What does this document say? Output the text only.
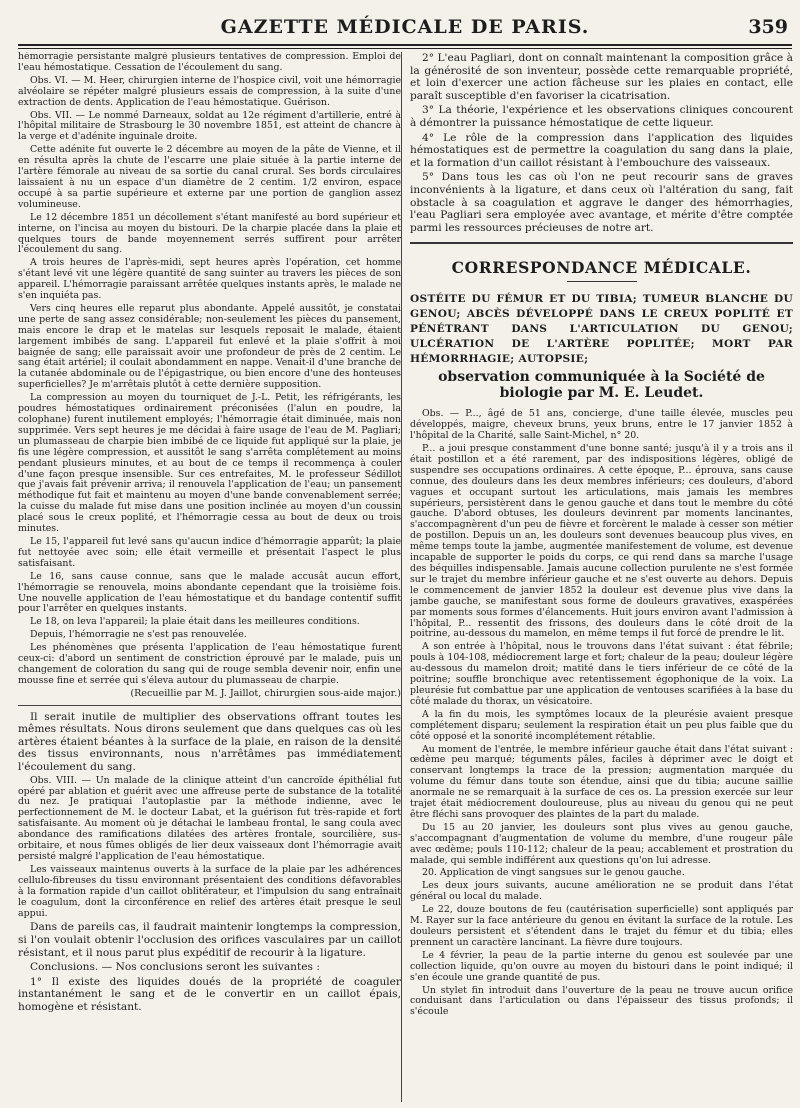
GAZETTE MÉDICALE DE PARIS.	359

hémorragie persistante malgré plusieurs tentatives de compression. Emploi de l'eau hémostatique. Cessation de l'écoulement du sang.

Obs. VI. — M. Heer, chirurgien interne de l'hospice civil, voit une hémorragie alvéolaire se répéter malgré plusieurs essais de compression, à la suite d'une extraction de dents. Application de l'eau hémostatique. Guérison.

Obs. VII. — Le nommé Darneaux, soldat au 12e régiment d'artillerie, entré à l'hôpital militaire de Strasbourg le 30 novembre 1851, est atteint de chancre à la verge et d'adénite inguinale droite.

Cette adénite fut ouverte le 2 décembre au moyen de la pâte de Vienne, et il en résulta après la chute de l'escarre une plaie située à la partie interne de l'artère fémorale au niveau de sa sortie du canal crural. Ses bords circulaires laissaient à nu un espace d'un diamètre de 2 centim. 1/2 environ, espace occupé à sa partie supérieure et externe par une portion de ganglion assez volumineuse.

Le 12 décembre 1851 un décollement s'étant manifesté au bord supérieur et interne, on l'incisa au moyen du bistouri. De la charpie placée dans la plaie et quelques tours de bande moyennement serrés suffirent pour arrêter l'écoulement du sang.

A trois heures de l'après-midi, sept heures après l'opération, cet homme s'étant levé vit une légère quantité de sang suinter au travers les pièces de son appareil. L'hémorragie paraissant arrêtée quelques instants après, le malade ne s'en inquiéta pas.

Vers cinq heures elle reparut plus abondante. Appelé aussitôt, je constatai une perte de sang assez considérable; non-seulement les pièces du pansement, mais encore le drap et le matelas sur lesquels reposait le malade, étaient largement imbibés de sang. L'appareil fut enlevé et la plaie s'offrit à moi baignée de sang; elle paraissait avoir une profondeur de près de 2 centim. Le sang était artériel; il coulait abondamment en nappe. Venait-il d'une branche de la cutanée abdominale ou de l'épigastrique, ou bien encore d'une des honteuses superficielles? Je m'arrêtais plutôt à cette dernière supposition.

La compression au moyen du tourniquet de J.-L. Petit, les réfrigérants, les poudres hémostatiques ordinairement préconisées (l'alun en poudre, la colophane) furent inutilement employés; l'hémorragie était diminuée, mais non supprimée. Vers sept heures je me décidai à faire usage de l'eau de M. Pagliari; un plumasseau de charpie bien imbibé de ce liquide fut appliqué sur la plaie, je fis une légère compression, et aussitôt le sang s'arrêta complétement au moins pendant plusieurs minutes, et au bout de ce temps il recommença à couler d'une façon presque insensible. Sur ces entrefaites, M. le professeur Sédillot que j'avais fait prévenir arriva; il renouvela l'application de l'eau; un pansement méthodique fut fait et maintenu au moyen d'une bande convenablement serrée; la cuisse du malade fut mise dans une position inclinée au moyen d'un coussin placé sous le creux poplité, et l'hémorragie cessa au bout de deux ou trois minutes.

Le 15, l'appareil fut levé sans qu'aucun indice d'hémorragie apparût; la plaie fut nettoyée avec soin; elle était vermeille et présentait l'aspect le plus satisfaisant.

Le 16, sans cause connue, sans que le malade accusât aucun effort, l'hémorragie se renouvela, moins abondante cependant que la troisième fois. Une nouvelle application de l'eau hémostatique et du bandage contentif suffit pour l'arrêter en quelques instants.

Le 18, on leva l'appareil; la plaie était dans les meilleures conditions.

Depuis, l'hémorragie ne s'est pas renouvelée.

Les phénomènes que présenta l'application de l'eau hémostatique furent ceux-ci: d'abord un sentiment de constriction éprouvé par le malade, puis un changement de coloration du sang qui de rouge sembla devenir noir, enfin une mousse fine et serrée qui s'éleva autour du plumasseau de charpie.

(Recueillie par M. J. Jaillot, chirurgien sous-aide major.)

Il serait inutile de multiplier des observations offrant toutes les mêmes résultats. Nous dirons seulement que dans quelques cas où les artères étaient béantes à la surface de la plaie, en raison de la densité des tissus environnants, nous n'arrêtâmes pas immédiatement l'écoulement du sang.

Obs. VIII. — Un malade de la clinique atteint d'un cancroïde épithélial fut opéré par ablation et guérit avec une affreuse perte de substance de la totalité du nez. Je pratiquai l'autoplastie par la méthode indienne, avec le perfectionnement de M. le docteur Labat, et la guérison fut très-rapide et fort satisfaisante. Au moment où je détachai le lambeau frontal, le sang coula avec abondance des ramifications dilatées des artères frontale, sourcilière, sus-orbitaire, et nous fûmes obligés de lier deux vaisseaux dont l'hémorragie avait persisté malgré l'application de l'eau hémostatique.

Les vaisseaux maintenus ouverts à la surface de la plaie par les adhérences cellulo-fibreuses du tissu environnant présentaient des conditions défavorables à la formation rapide d'un caillot oblitérateur, et l'impulsion du sang entraînait le coagulum, dont la circonférence en relief des artères était presque le seul appui.

Dans de pareils cas, il faudrait maintenir longtemps la compression, si l'on voulait obtenir l'occlusion des orifices vasculaires par un caillot résistant, et il nous parut plus expéditif de recourir à la ligature.

Conclusions. — Nos conclusions seront les suivantes :

1° Il existe des liquides doués de la propriété de coaguler instantanément le sang et de le convertir en un caillot épais, homogène et résistant.

2° L'eau Pagliari, dont on connaît maintenant la composition grâce à la générosité de son inventeur, possède cette remarquable propriété, et loin d'exercer une action fâcheuse sur les plaies en contact, elle paraît susceptible d'en favoriser la cicatrisation.

3° La théorie, l'expérience et les observations cliniques concourent à démontrer la puissance hémostatique de cette liqueur.

4° Le rôle de la compression dans l'application des liquides hémostatiques est de permettre la coagulation du sang dans la plaie, et la formation d'un caillot résistant à l'embouchure des vaisseaux.

5° Dans tous les cas où l'on ne peut recourir sans de graves inconvénients à la ligature, et dans ceux où l'altération du sang, fait obstacle à sa coagulation et aggrave le danger des hémorrhagies, l'eau Pagliari sera employée avec avantage, et mérite d'être comptée parmi les ressources précieuses de notre art.

CORRESPONDANCE MÉDICALE.
OSTÉITE DU FÉMUR ET DU TIBIA; TUMEUR BLANCHE DU GENOU; ABCÈS DÉVELOPPÉ DANS LE CREUX POPLITÉ ET PÉNÉTRANT DANS L'ARTICULATION DU GENOU; ULCÉRATION DE L'ARTÈRE POPLITÉE; MORT PAR HÉMORRHAGIE; AUTOPSIE;
observation communiquée à la Société de biologie par M. E. Leudet.

Obs. — P..., âgé de 51 ans, concierge, d'une taille élevée, muscles peu développés, maigre, cheveux bruns, yeux bruns, entre le 17 janvier 1852 à l'hôpital de la Charité, salle Saint-Michel, n° 20.

P... a joui presque constamment d'une bonne santé; jusqu'à il y a trois ans il était postillon et a été rarement, par des indispositions légères, obligé de suspendre ses occupations ordinaires. A cette époque, P... éprouva, sans cause connue, des douleurs dans les deux membres inférieurs; ces douleurs, d'abord vagues et occupant surtout les articulations, mais jamais les membres supérieurs, persistèrent dans le genou gauche et dans tout le membre du côté gauche. D'abord obtuses, les douleurs devinrent par moments lancinantes, s'accompagnèrent d'un peu de fièvre et forcèrent le malade à cesser son métier de postillon. Depuis un an, les douleurs sont devenues beaucoup plus vives, en même temps toute la jambe, augmentée manifestement de volume, est devenue incapable de supporter le poids du corps, ce qui rend dans sa marche l'usage des béquilles indispensable. Jamais aucune collection purulente ne s'est formée sur le trajet du membre inférieur gauche et ne s'est ouverte au dehors. Depuis le commencement de janvier 1852 la douleur est devenue plus vive dans la jambe gauche, se manifestant sous forme de douleurs gravatives, exaspérées par moments sous formes d'élancements. Huit jours environ avant l'admission à l'hôpital, P... ressentit des frissons, des douleurs dans le côté droit de la poitrine, au-dessous du mamelon, en même temps il fut forcé de prendre le lit.

A son entrée à l'hôpital, nous le trouvons dans l'état suivant : état fébrile; pouls à 104-108, médiocrement large et fort; chaleur de la peau; douleur légère au-dessous du mamelon droit; matité dans le tiers inférieur de ce côté de la poitrine; souffle bronchique avec retentissement égophonique de la voix. La pleurésie fut combattue par une application de ventouses scarifiées à la base du côté malade du thorax, un vésicatoire.

A la fin du mois, les symptômes locaux de la pleurésie avaient presque complétement disparu; seulement la respiration était un peu plus faible que du côté opposé et la sonorité incomplétement rétablie.

Au moment de l'entrée, le membre inférieur gauche était dans l'état suivant : œdème peu marqué; téguments pâles, faciles à déprimer avec le doigt et conservant longtemps la trace de la pression; augmentation marquée du volume du fémur dans toute son étendue, ainsi que du tibia; aucune saillie anormale ne se remarquait à la surface de ces os. La pression exercée sur leur trajet était médiocrement douloureuse, plus au niveau du genou qui ne peut être fléchi sans provoquer des plaintes de la part du malade.

Du 15 au 20 janvier, les douleurs sont plus vives au genou gauche, s'accompagnant d'augmentation de volume du membre, d'une rougeur pâle avec œdème; pouls 110-112; chaleur de la peau; accablement et prostration du malade, qui semble indifférent aux questions qu'on lui adresse.

20. Application de vingt sangsues sur le genou gauche.

Les deux jours suivants, aucune amélioration ne se produit dans l'état général ou local du malade.

Le 22, douze boutons de feu (cautérisation superficielle) sont appliqués par M. Rayer sur la face antérieure du genou en évitant la surface de la rotule. Les douleurs persistent et s'étendent dans le trajet du fémur et du tibia; elles prennent un caractère lancinant. La fièvre dure toujours.

Le 4 février, la peau de la partie interne du genou est soulevée par une collection liquide, qu'on ouvre au moyen du bistouri dans le point indiqué; il s'en écoule une grande quantité de pus.

Un stylet fin introduit dans l'ouverture de la peau ne trouve aucun orifice conduisant dans l'articulation ou dans l'épaisseur des tissus profonds; il s'écoule
